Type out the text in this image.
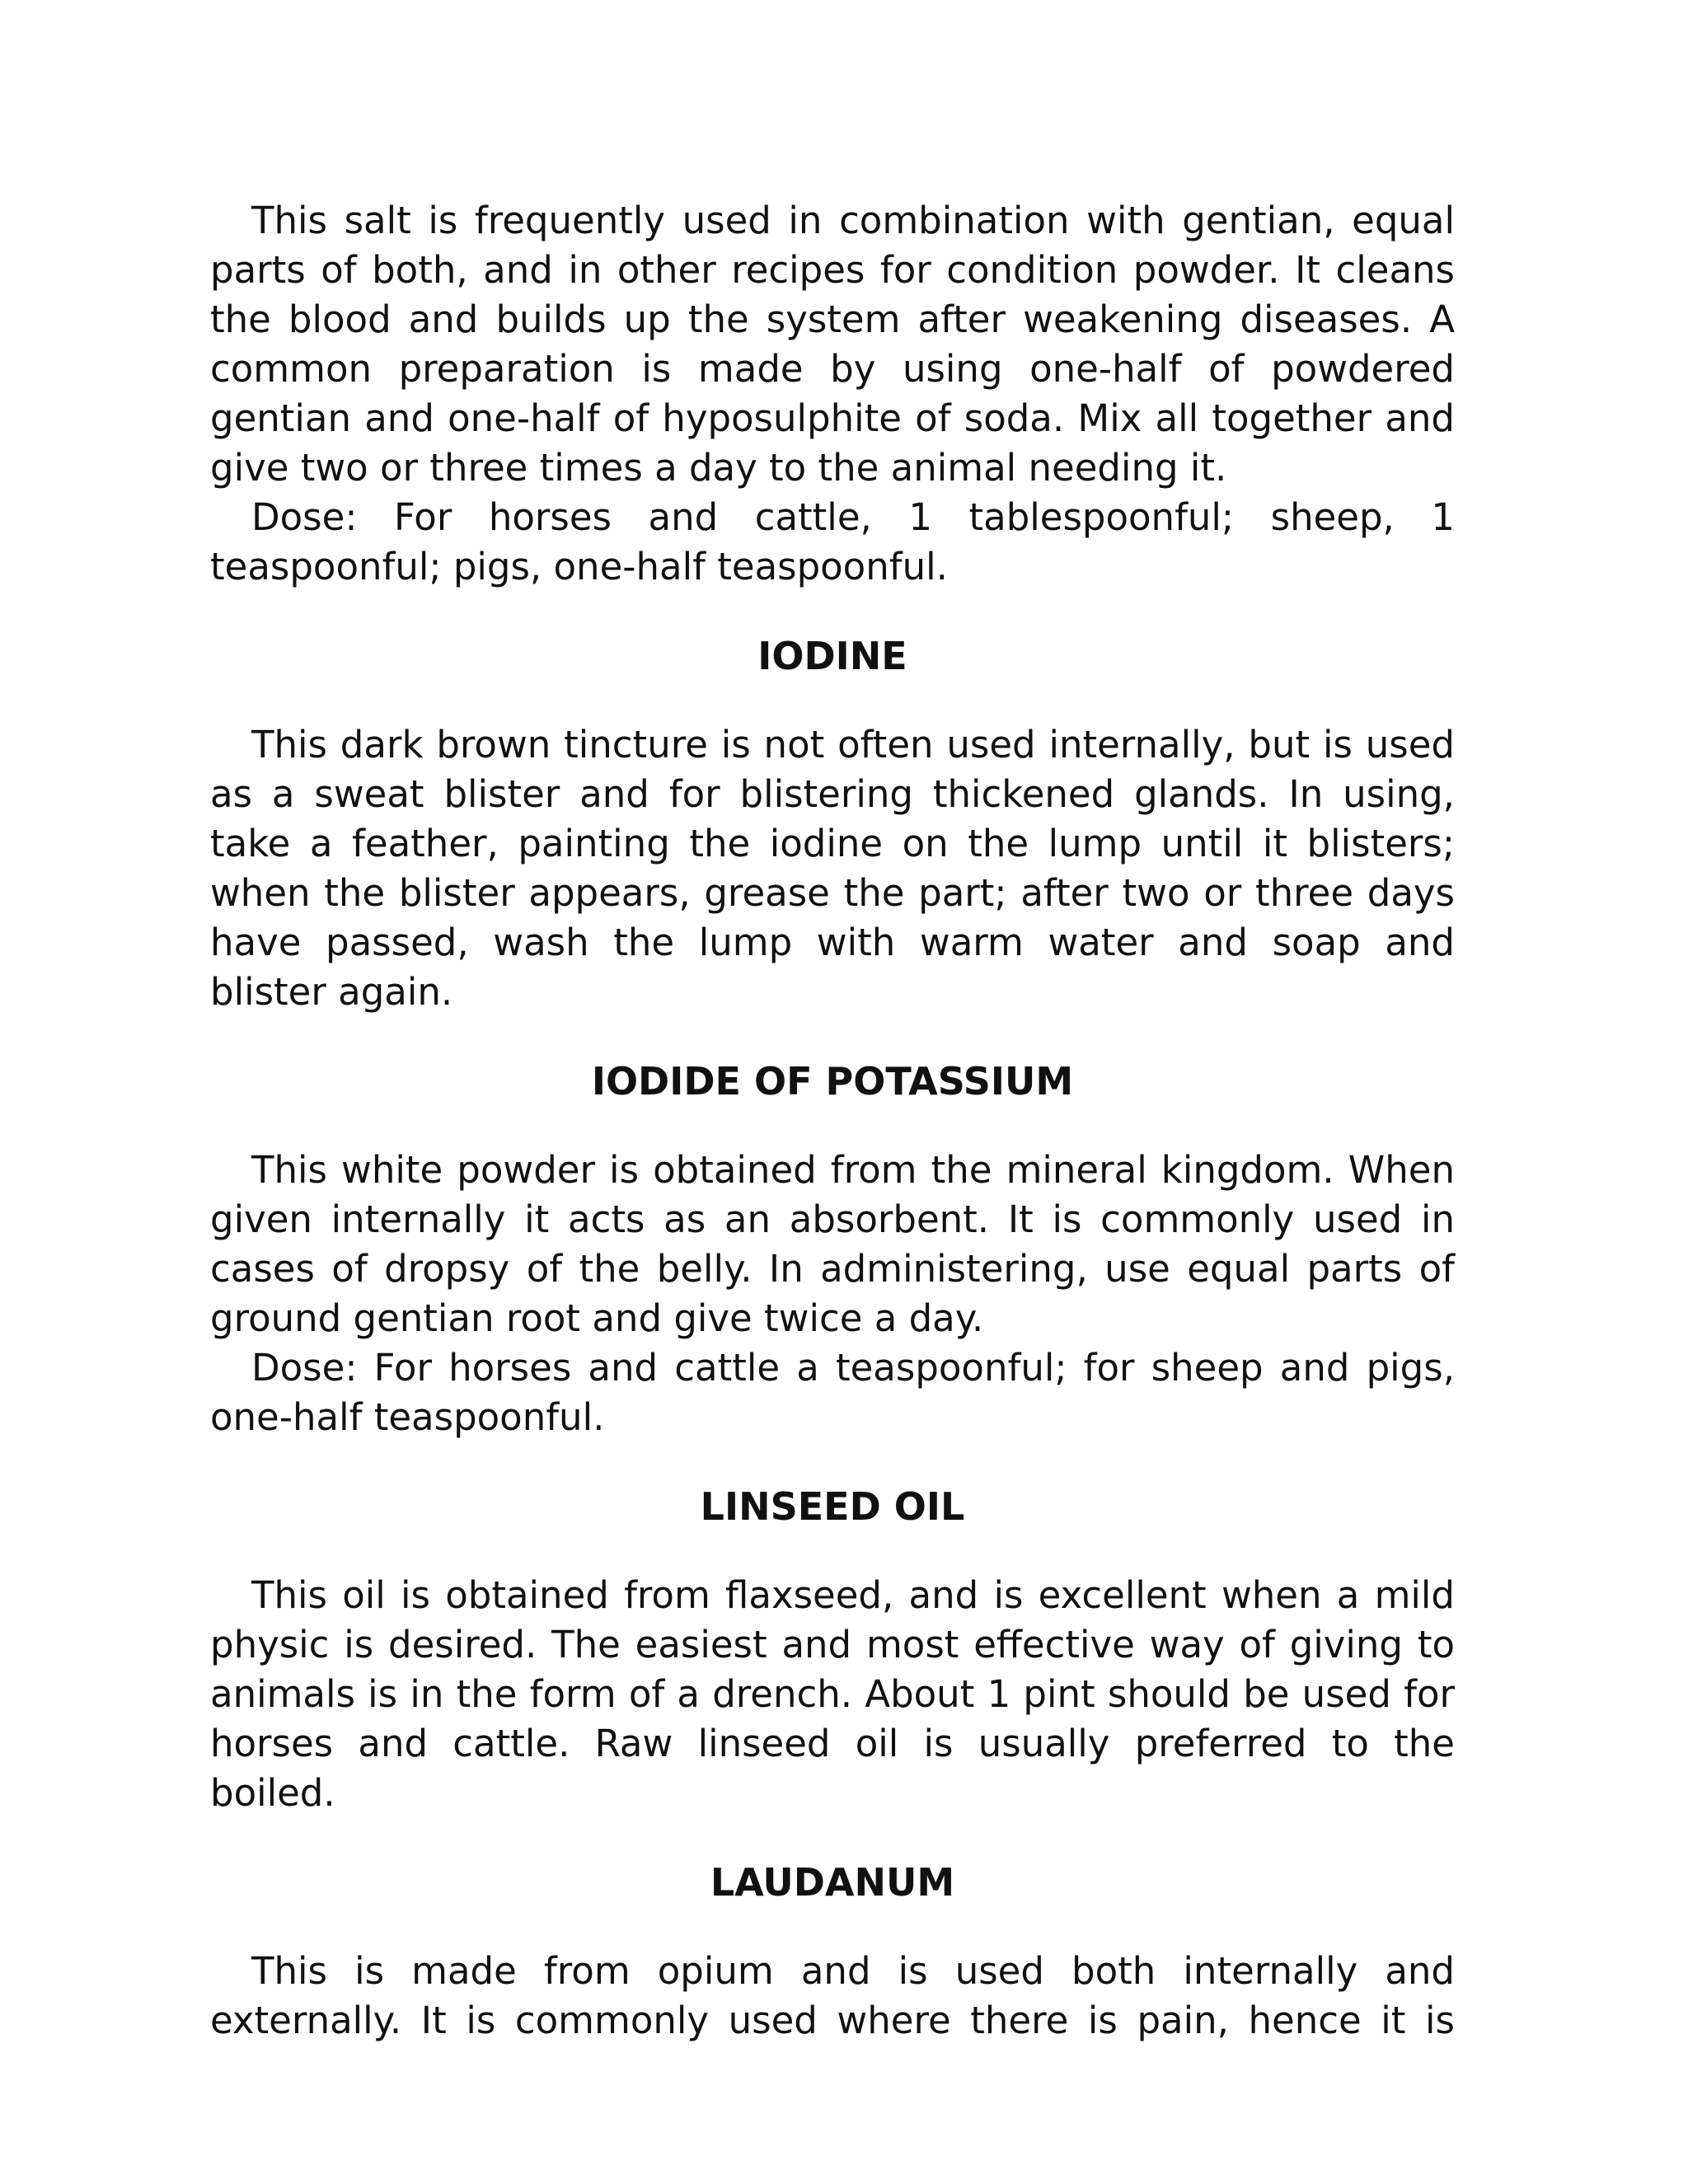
This salt is frequently used in combination with gentian, equal parts of both, and in other recipes for condition powder. It cleans the blood and builds up the system after weakening diseases. A common preparation is made by using one-half of powdered gentian and one-half of hyposulphite of soda. Mix all together and give two or three times a day to the animal needing it.

Dose: For horses and cattle, 1 tablespoonful; sheep, 1 teaspoonful; pigs, one-half teaspoonful.

IODINE

This dark brown tincture is not often used internally, but is used as a sweat blister and for blistering thickened glands. In using, take a feather, painting the iodine on the lump until it blisters; when the blister appears, grease the part; after two or three days have passed, wash the lump with warm water and soap and blister again.

IODIDE OF POTASSIUM

This white powder is obtained from the mineral kingdom. When given internally it acts as an absorbent. It is commonly used in cases of dropsy of the belly. In administering, use equal parts of ground gentian root and give twice a day.

Dose: For horses and cattle a teaspoonful; for sheep and pigs, one-half teaspoonful.

LINSEED OIL

This oil is obtained from flaxseed, and is excellent when a mild physic is desired. The easiest and most effective way of giving to animals is in the form of a drench. About 1 pint should be used for horses and cattle. Raw linseed oil is usually preferred to the boiled.

LAUDANUM

This is made from opium and is used both internally and externally. It is commonly used where there is pain, hence it is
